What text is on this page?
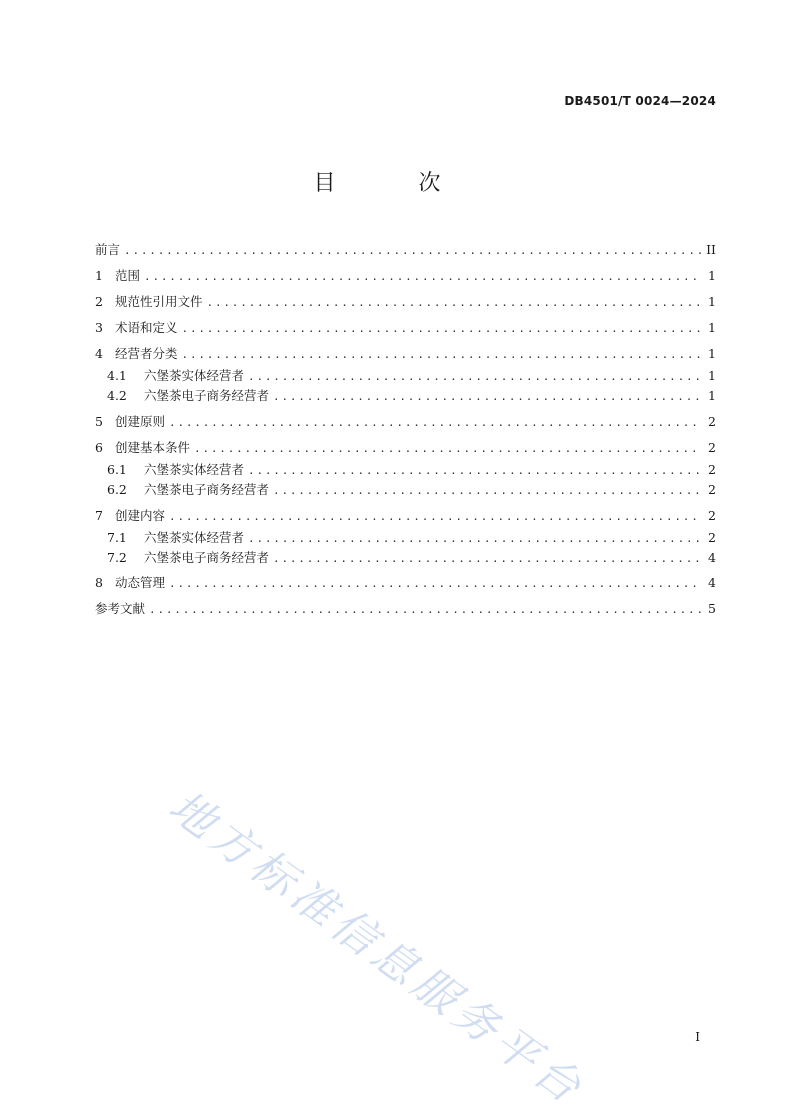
DB4501/T 0024—2024
目 次
前言 .....	II
1 范围 .....	1
2 规范性引用文件 .....	1
3 术语和定义 .....	1
4 经营者分类 .....	1
4.1	六堡茶实体经营者 .....	1
4.2	六堡茶电子商务经营者 .....	1
5 创建原则 .....	2
6 创建基本条件 .....	2
6.1	六堡茶实体经营者 .....	2
6.2	六堡茶电子商务经营者 .....	2
7 创建内容 .....	2
7.1	六堡茶实体经营者 .....	2
7.2	六堡茶电子商务经营者 .....	4
8 动态管理 .....	4
参考文献 .....	5
地方标准信息服务平台	I
